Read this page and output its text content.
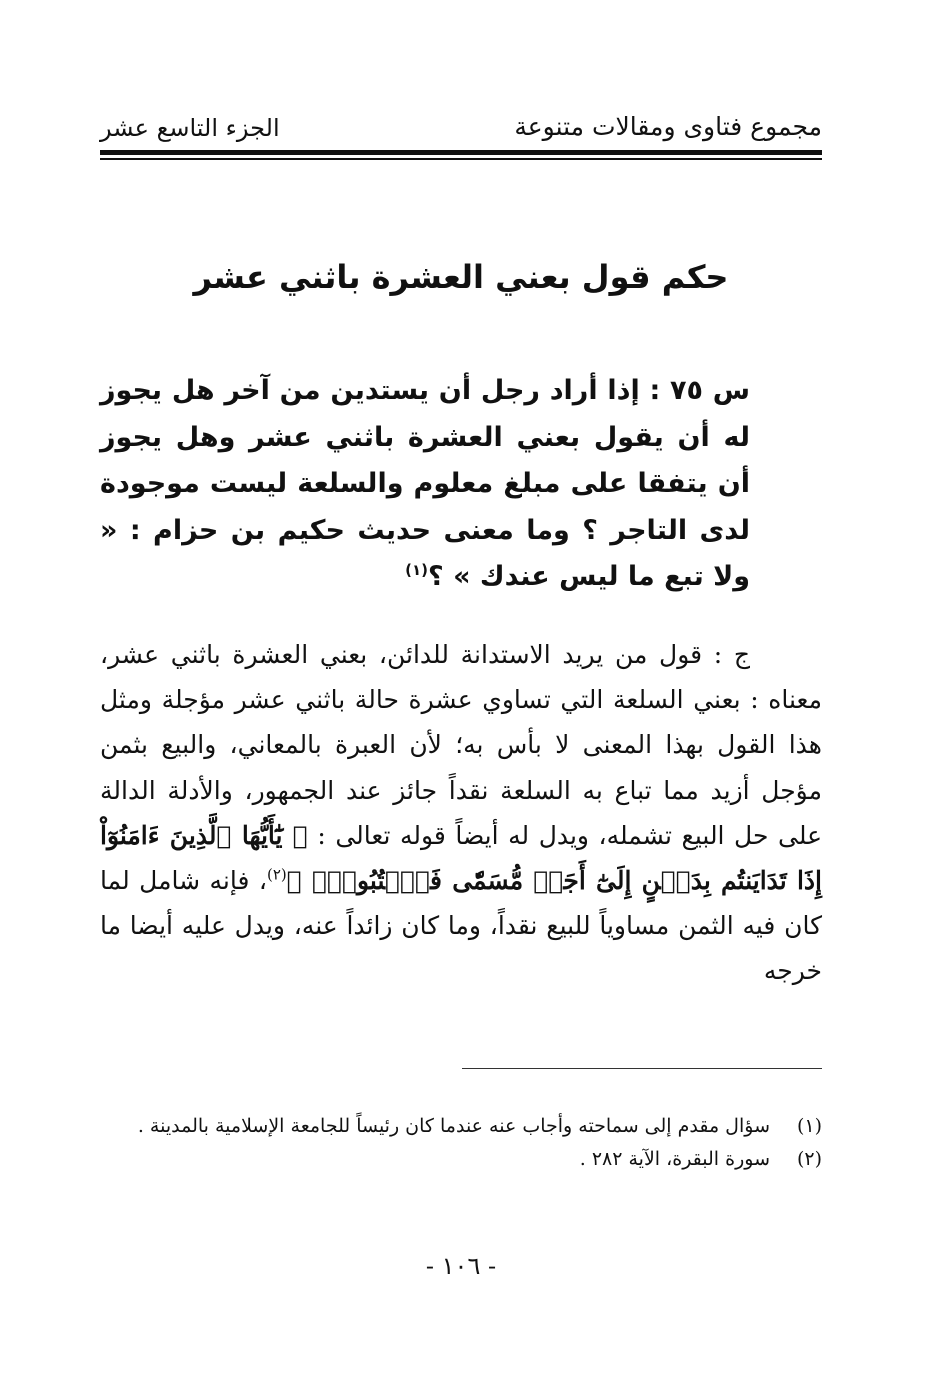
مجموع فتاوى ومقالات متنوعة
الجزء التاسع عشر
حكم قول بعني العشرة باثني عشر
س ٧٥ : إذا أراد رجل أن يستدين من آخر هل يجوز له أن يقول بعني العشرة باثني عشر وهل يجوز أن يتفقا على مبلغ معلوم والسلعة ليست موجودة لدى التاجر ؟ وما معنى حديث حكيم بن حزام : « ولا تبع ما ليس عندك » ؟$^{(١)}$
ج : قول من يريد الاستدانة للدائن، بعني العشرة باثني عشر، معناه : بعني السلعة التي تساوي عشرة حالة باثني عشر مؤجلة ومثل هذا القول بهذا المعنى لا بأس به؛ لأن العبرة بالمعاني، والبيع بثمن مؤجل أزيد مما تباع به السلعة نقداً جائز عند الجمهور، والأدلة الدالة على حل البيع تشمله، ويدل له أيضاً قوله تعالى : ﴿ يَٰٓأَيُّهَا ٱلَّذِينَ ءَامَنُوٓاْ إِذَا تَدَايَنتُم بِدَيۡنٍ إِلَىٰٓ أَجَلٖ مُّسَمّٗى فَٱكۡتُبُوهُۚ ﴾$^{(٢)}$، فإنه شامل لما كان فيه الثمن مساوياً للبيع نقداً، وما كان زائداً عنه، ويدل عليه أيضا ما خرجه
(١)
سؤال مقدم إلى سماحته وأجاب عنه عندما كان رئيساً للجامعة الإسلامية بالمدينة .
(٢)
سورة البقرة، الآية ٢٨٢ .
- ١٠٦ -
